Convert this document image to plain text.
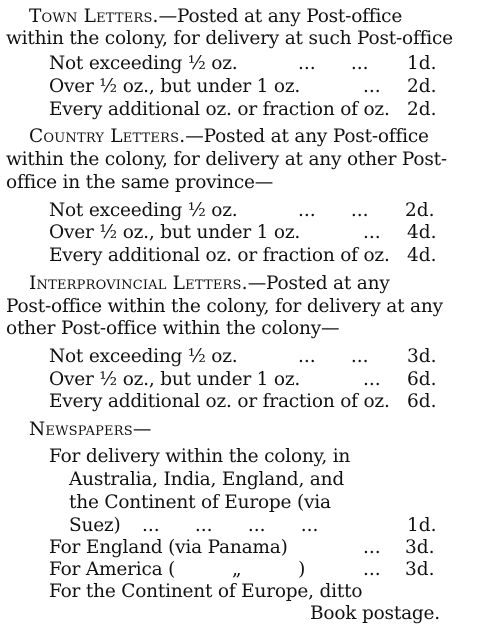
Town Letters.—Posted at any Post-office
within the colony, for delivery at such Post-office
Not exceeding ½ oz.	...      ... 1d.
Over ½ oz., but under 1 oz.	... 2d.
Every additional oz. or fraction of oz. 2d.
Country Letters.—Posted at any Post-office
within the colony, for delivery at any other Post-
office in the same province—
Not exceeding ½ oz.	...      ... 2d.
Over ½ oz., but under 1 oz.	... 4d.
Every additional oz. or fraction of oz. 4d.
Interprovincial Letters.—Posted at any
Post-office within the colony, for delivery at any
other Post-office within the colony—
Not exceeding ½ oz.	...      ... 3d.
Over ½ oz., but under 1 oz.	... 6d.
Every additional oz. or fraction of oz. 6d.
Newspapers—
For delivery within the colony, in
Australia, India, England, and
the Continent of Europe (via
Suez) ...      ...      ...      ...	1d.
For England (via Panama)	... 3d.
For America (          „          )	... 3d.
For the Continent of Europe, ditto
Book postage.
